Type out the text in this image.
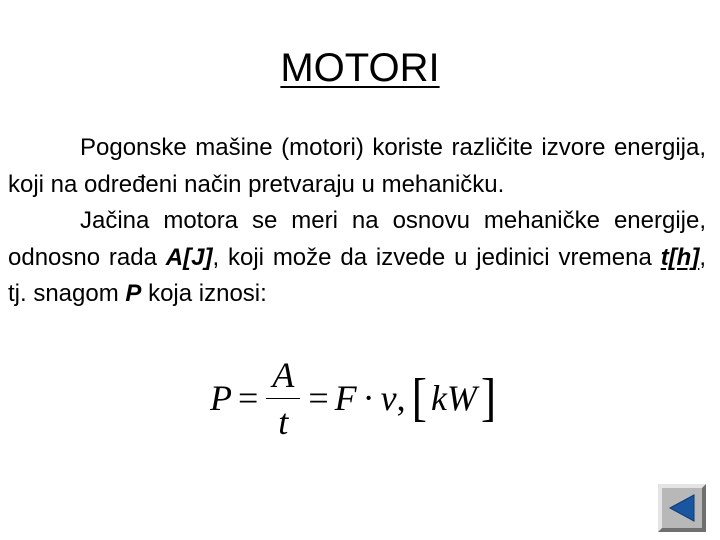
MOTORI

Pogonske mašine (motori) koriste različite izvore energija, koji na određeni način pretvaraju u mehaničku.

Jačina motora se meri na osnovu mehaničke energije, odnosno rada A[J], koji može da izvede u jedinici vremena t[h], tj. snagom P koja iznosi:

$P = \frac{A}{t} = F \cdot v$ , [ kW ]
